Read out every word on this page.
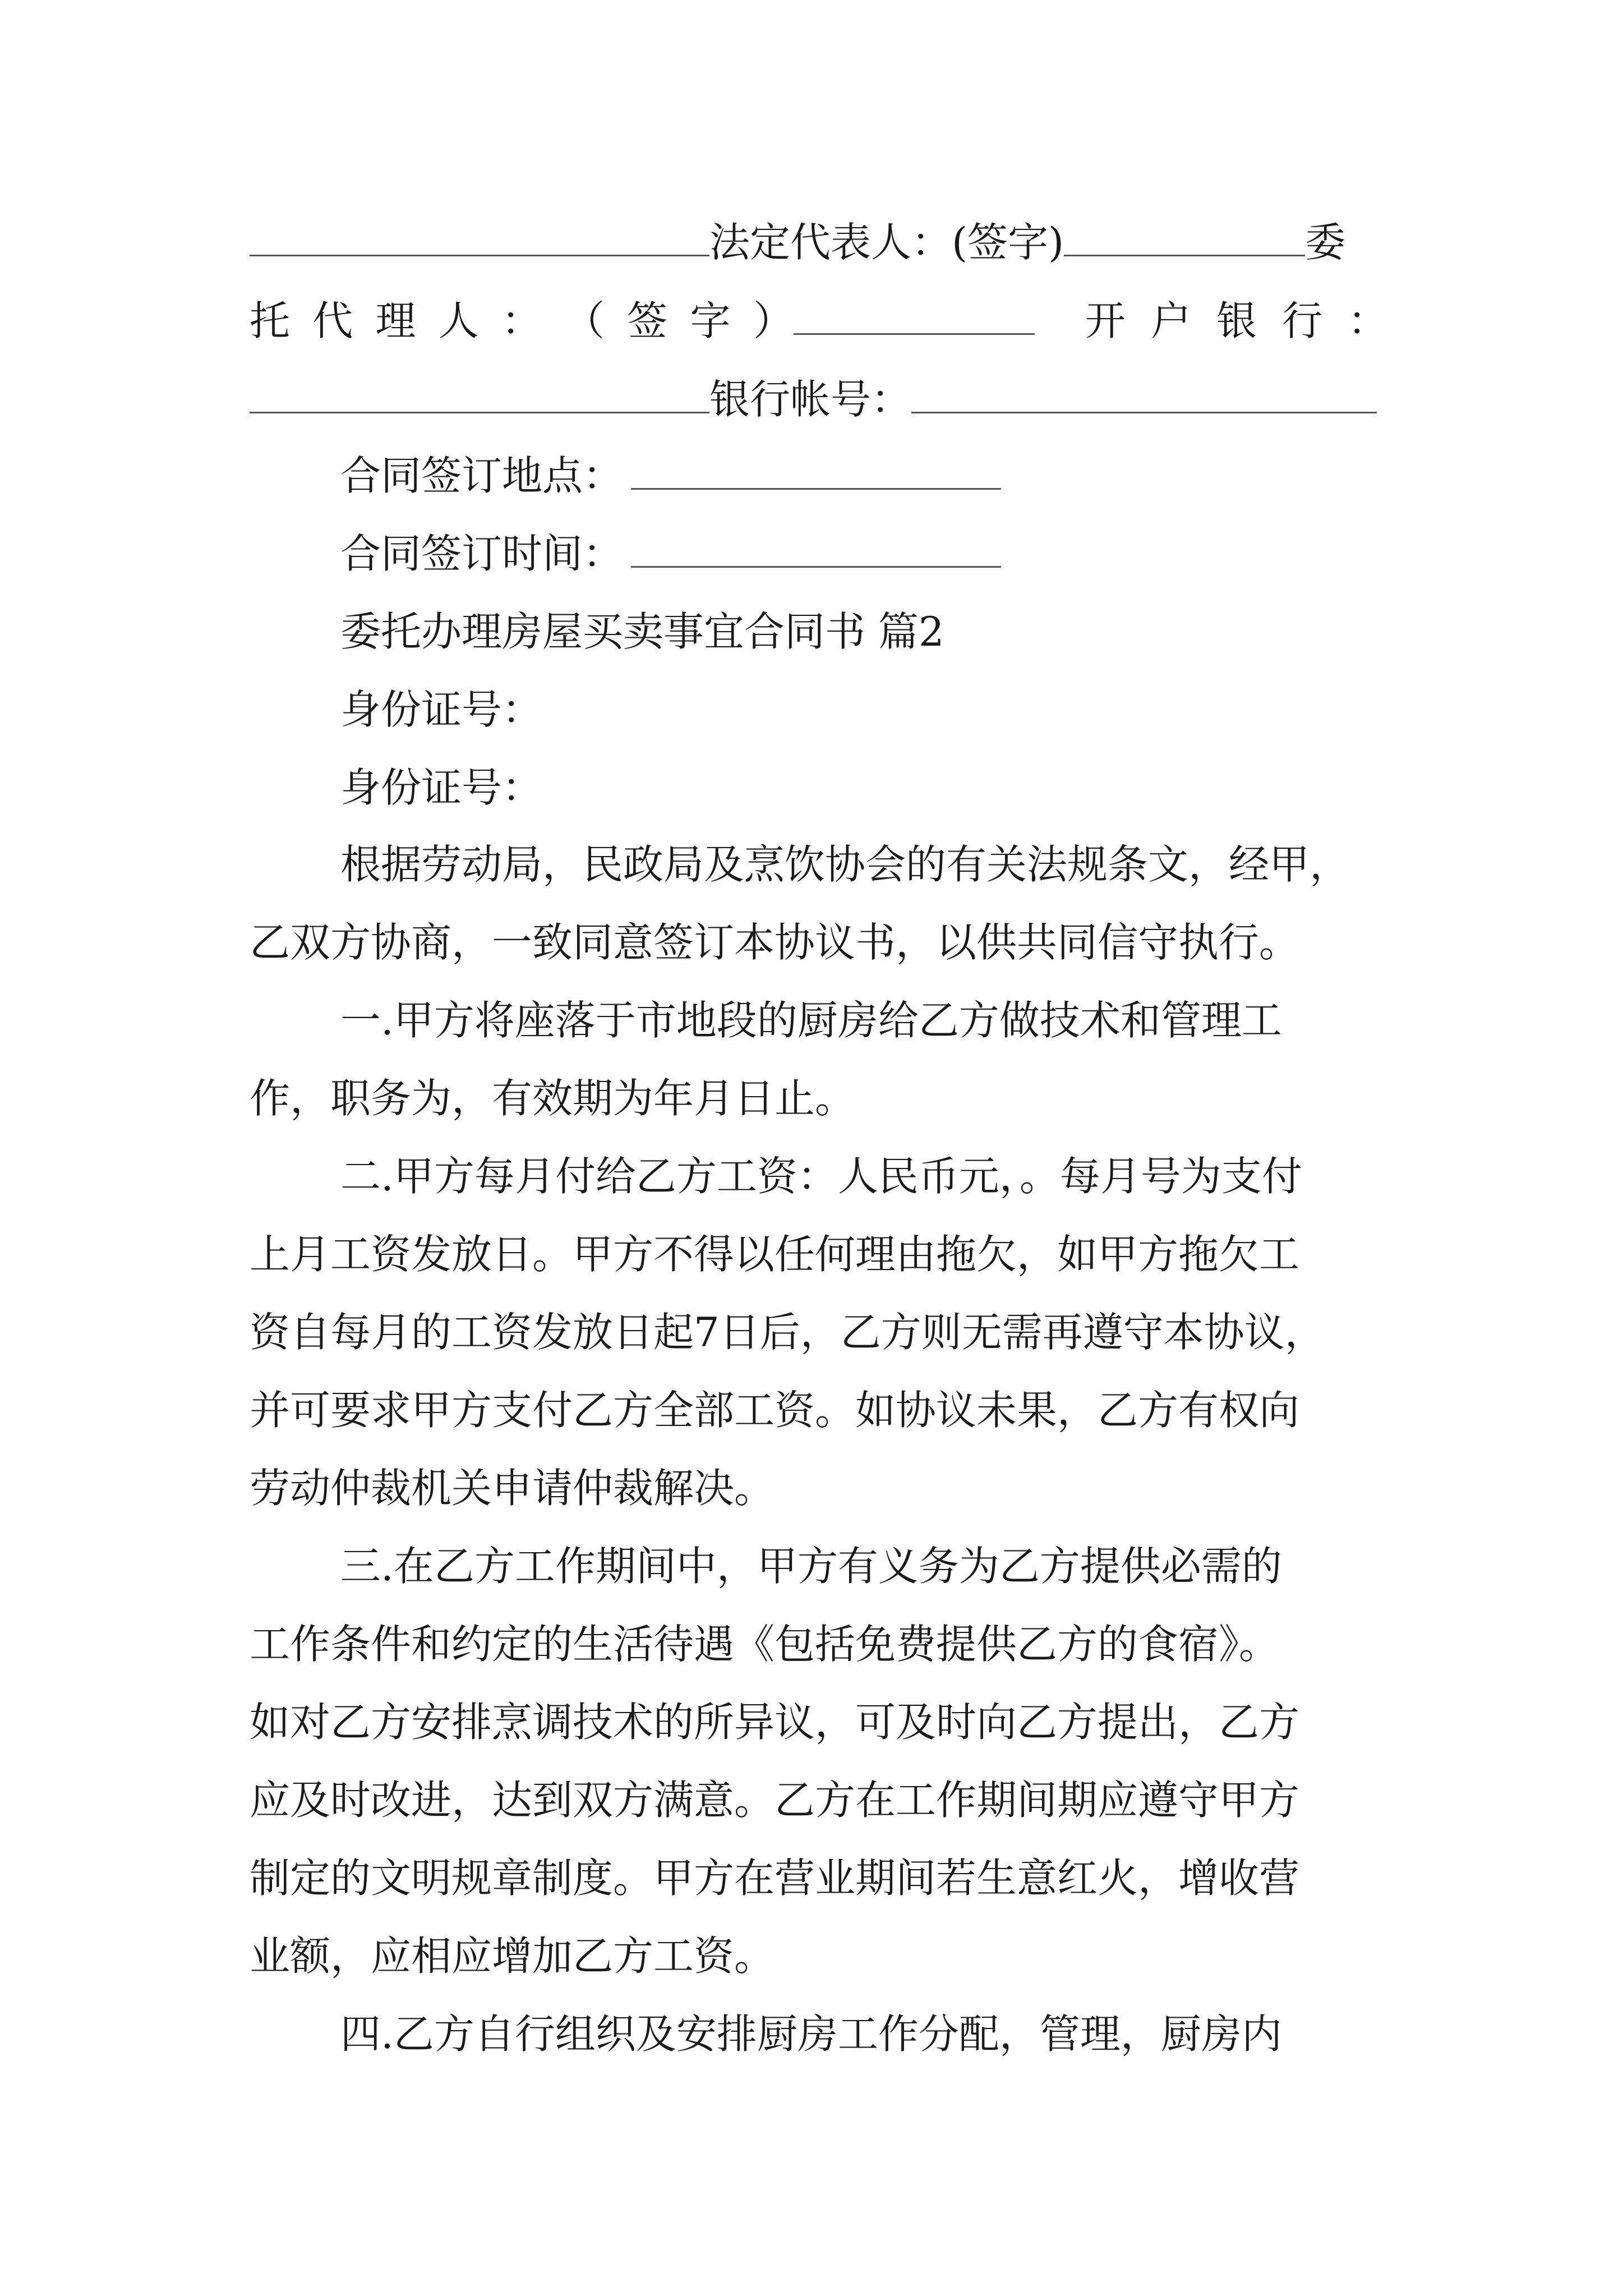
法定代表人：(签字)	委
托 代 理 人 ： （ 签 字 ）	开 户 银 行 ：
银行帐号：
合同签订地点：
合同签订时间：
委托办理房屋买卖事宜合同书 篇2
身份证号：
身份证号：
根据劳动局，民政局及烹饮协会的有关法规条文，经甲，
乙双方协商，一致同意签订本协议书，以供共同信守执行。
一.甲方将座落于市地段的厨房给乙方做技术和管理工
作，职务为，有效期为年月日止。
二.甲方每月付给乙方工资：人民币元，。每月号为支付
上月工资发放日。甲方不得以任何理由拖欠，如甲方拖欠工
资自每月的工资发放日起7日后，乙方则无需再遵守本协议，
并可要求甲方支付乙方全部工资。如协议未果，乙方有权向
劳动仲裁机关申请仲裁解决。
三.在乙方工作期间中，甲方有义务为乙方提供必需的
工作条件和约定的生活待遇《包括免费提供乙方的食宿》。
如对乙方安排烹调技术的所异议，可及时向乙方提出，乙方
应及时改进，达到双方满意。乙方在工作期间期应遵守甲方
制定的文明规章制度。甲方在营业期间若生意红火，增收营
业额，应相应增加乙方工资。
四.乙方自行组织及安排厨房工作分配，管理，厨房内
